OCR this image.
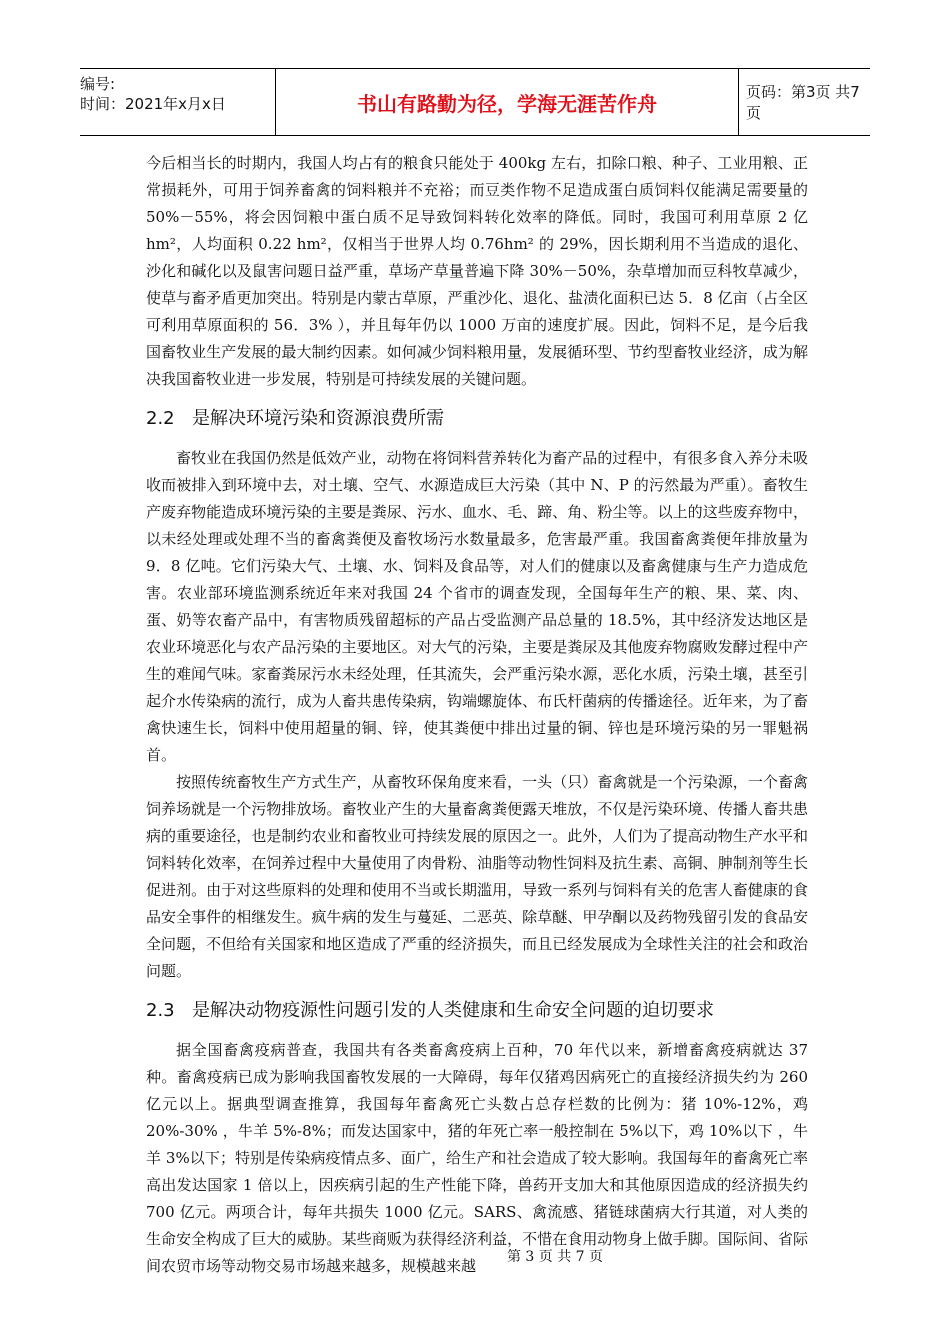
编号:
时间：2021年x月x日	书山有路勤为径，学海无涯苦作舟	页码：第3页 共7页

今后相当长的时期内，我国人均占有的粮食只能处于 400kg 左右，扣除口粮、种子、工业用粮、正常损耗外，可用于饲养畜禽的饲料粮并不充裕；而豆类作物不足造成蛋白质饲料仅能满足需要量的 50%－55%，将会因饲粮中蛋白质不足导致饲料转化效率的降低。同时，我国可利用草原 2 亿 hm²，人均面积 0.22 hm²，仅相当于世界人均 0.76hm² 的 29%，因长期利用不当造成的退化、沙化和碱化以及鼠害问题日益严重，草场产草量普遍下降 30%－50%，杂草增加而豆科牧草减少，使草与畜矛盾更加突出。特别是内蒙古草原，严重沙化、退化、盐渍化面积已达 5．8 亿亩（占全区可利用草原面积的 56．3% ），并且每年仍以 1000 万亩的速度扩展。因此，饲料不足，是今后我国畜牧业生产发展的最大制约因素。如何减少饲料粮用量，发展循环型、节约型畜牧业经济，成为解决我国畜牧业进一步发展，特别是可持续发展的关键问题。

2.2 是解决环境污染和资源浪费所需

畜牧业在我国仍然是低效产业，动物在将饲料营养转化为畜产品的过程中，有很多食入养分未吸收而被排入到环境中去，对土壤、空气、水源造成巨大污染（其中 N、P 的污然最为严重）。畜牧生产废弃物能造成环境污染的主要是粪尿、污水、血水、毛、蹄、角、粉尘等。以上的这些废弃物中，以未经处理或处理不当的畜禽粪便及畜牧场污水数量最多，危害最严重。我国畜禽粪便年排放量为 9．8 亿吨。它们污染大气、土壤、水、饲料及食品等，对人们的健康以及畜禽健康与生产力造成危害。农业部环境监测系统近年来对我国 24 个省市的调查发现，全国每年生产的粮、果、菜、肉、蛋、奶等农畜产品中，有害物质残留超标的产品占受监测产品总量的 18.5%，其中经济发达地区是农业环境恶化与农产品污染的主要地区。对大气的污染，主要是粪尿及其他废弃物腐败发酵过程中产生的难闻气味。家畜粪尿污水未经处理，任其流失，会严重污染水源，恶化水质，污染土壤，甚至引起介水传染病的流行，成为人畜共患传染病，钩端螺旋体、布氏杆菌病的传播途径。近年来，为了畜禽快速生长，饲料中使用超量的铜、锌，使其粪便中排出过量的铜、锌也是环境污染的另一罪魁祸首。

按照传统畜牧生产方式生产，从畜牧环保角度来看，一头（只）畜禽就是一个污染源，一个畜禽饲养场就是一个污物排放场。畜牧业产生的大量畜禽粪便露天堆放，不仅是污染环境、传播人畜共患病的重要途径，也是制约农业和畜牧业可持续发展的原因之一。此外，人们为了提高动物生产水平和饲料转化效率，在饲养过程中大量使用了肉骨粉、油脂等动物性饲料及抗生素、高铜、胂制剂等生长促进剂。由于对这些原料的处理和使用不当或长期滥用，导致一系列与饲料有关的危害人畜健康的食品安全事件的相继发生。疯牛病的发生与蔓延、二恶英、除草醚、甲孕酮以及药物残留引发的食品安全问题，不但给有关国家和地区造成了严重的经济损失，而且已经发展成为全球性关注的社会和政治问题。

2.3 是解决动物疫源性问题引发的人类健康和生命安全问题的迫切要求

据全国畜禽疫病普查，我国共有各类畜禽疫病上百种，70 年代以来，新增畜禽疫病就达 37 种。畜禽疫病已成为影响我国畜牧发展的一大障碍，每年仅猪鸡因病死亡的直接经济损失约为 260 亿元以上。据典型调查推算，我国每年畜禽死亡头数占总存栏数的比例为：猪 10%-12%，鸡 20%-30% ，牛羊 5%-8%；而发达国家中，猪的年死亡率一般控制在 5%以下，鸡 10%以下 ，牛羊 3%以下；特别是传染病疫情点多、面广，给生产和社会造成了较大影响。我国每年的畜禽死亡率高出发达国家 1 倍以上，因疾病引起的生产性能下降，兽药开支加大和其他原因造成的经济损失约 700 亿元。两项合计，每年共损失 1000 亿元。SARS、禽流感、猪链球菌病大行其道，对人类的生命安全构成了巨大的威胁。某些商贩为获得经济利益，不惜在食用动物身上做手脚。国际间、省际间农贸市场等动物交易市场越来越多，规模越来越	第 3 页 共 7 页
